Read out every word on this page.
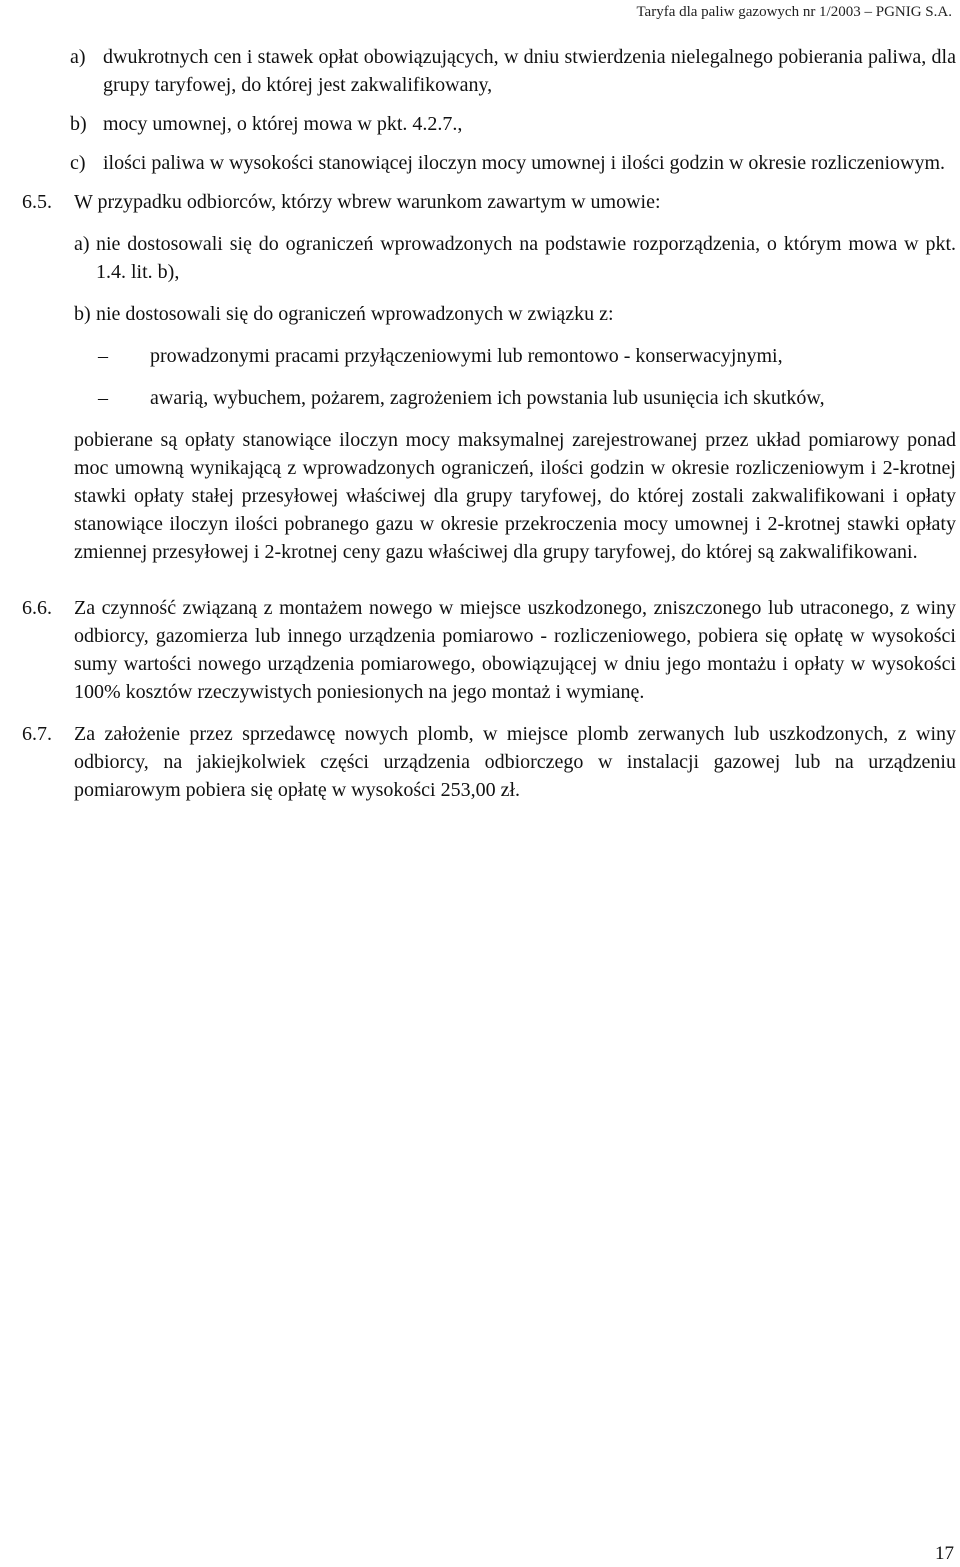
Taryfa dla paliw gazowych nr 1/2003 – PGNIG S.A.
a) dwukrotnych cen i stawek opłat obowiązujących, w dniu stwierdzenia nielegalnego pobierania paliwa, dla grupy taryfowej, do której jest zakwalifikowany,
b) mocy umownej, o której mowa w pkt. 4.2.7.,
c) ilości paliwa w wysokości stanowiącej iloczyn mocy umownej i ilości godzin w okresie rozliczeniowym.
6.5.	W przypadku odbiorców, którzy wbrew warunkom zawartym w umowie:
a) nie dostosowali się do ograniczeń wprowadzonych na podstawie rozporządzenia, o którym mowa w pkt. 1.4. lit. b),
b) nie dostosowali się do ograniczeń wprowadzonych w związku z:
–	prowadzonymi pracami przyłączeniowymi lub remontowo - konserwacyjnymi,
–	awarią, wybuchem, pożarem, zagrożeniem ich powstania lub usunięcia ich skutków,
pobierane są opłaty stanowiące iloczyn mocy maksymalnej zarejestrowanej przez układ pomiarowy ponad moc umowną wynikającą z wprowadzonych ograniczeń, ilości godzin w okresie rozliczeniowym i 2-krotnej stawki opłaty stałej przesyłowej właściwej dla grupy taryfowej, do której zostali zakwalifikowani i opłaty stanowiące iloczyn ilości pobranego gazu w okresie przekroczenia mocy umownej i 2-krotnej stawki opłaty zmiennej przesyłowej i 2-krotnej ceny gazu właściwej dla grupy taryfowej, do której są zakwalifikowani.
6.6.	Za czynność związaną z montażem nowego w miejsce uszkodzonego, zniszczonego lub utraconego, z winy odbiorcy, gazomierza lub innego urządzenia pomiarowo - rozliczeniowego, pobiera się opłatę w wysokości sumy wartości nowego urządzenia pomiarowego, obowiązującej w dniu jego montażu i opłaty w wysokości 100% kosztów rzeczywistych poniesionych na jego montaż i wymianę.
6.7.	Za założenie przez sprzedawcę nowych plomb, w miejsce plomb zerwanych lub uszkodzonych, z winy odbiorcy, na jakiejkolwiek części urządzenia odbiorczego w instalacji gazowej lub na urządzeniu pomiarowym pobiera się opłatę w wysokości 253,00 zł.
17
